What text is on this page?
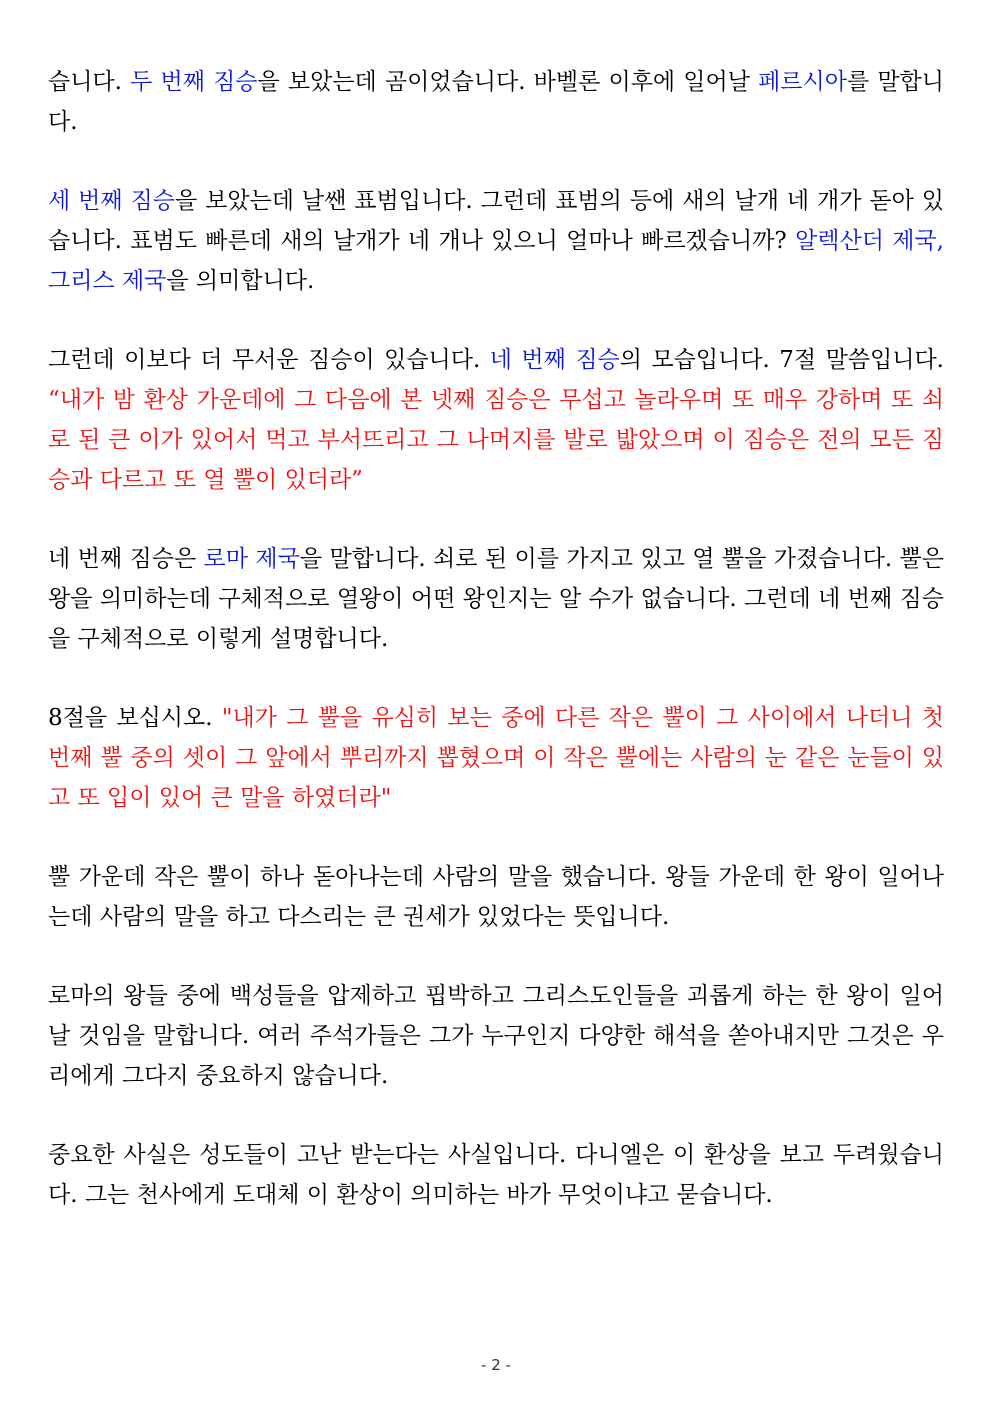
습니다. 두 번째 짐승을 보았는데 곰이었습니다. 바벨론 이후에 일어날 페르시아를 말합니다.

세 번째 짐승을 보았는데 날쌘 표범입니다. 그런데 표범의 등에 새의 날개 네 개가 돋아 있습니다. 표범도 빠른데 새의 날개가 네 개나 있으니 얼마나 빠르겠습니까? 알렉산더 제국, 그리스 제국을 의미합니다.

그런데 이보다 더 무서운 짐승이 있습니다. 네 번째 짐승의 모습입니다. 7절 말씀입니다. “내가 밤 환상 가운데에 그 다음에 본 넷째 짐승은 무섭고 놀라우며 또 매우 강하며 또 쇠로 된 큰 이가 있어서 먹고 부서뜨리고 그 나머지를 발로 밟았으며 이 짐승은 전의 모든 짐승과 다르고 또 열 뿔이 있더라”

네 번째 짐승은 로마 제국을 말합니다. 쇠로 된 이를 가지고 있고 열 뿔을 가졌습니다. 뿔은 왕을 의미하는데 구체적으로 열왕이 어떤 왕인지는 알 수가 없습니다. 그런데 네 번째 짐승을 구체적으로 이렇게 설명합니다.

8절을 보십시오. "내가 그 뿔을 유심히 보는 중에 다른 작은 뿔이 그 사이에서 나더니 첫 번째 뿔 중의 셋이 그 앞에서 뿌리까지 뽑혔으며 이 작은 뿔에는 사람의 눈 같은 눈들이 있고 또 입이 있어 큰 말을 하였더라"

뿔 가운데 작은 뿔이 하나 돋아나는데 사람의 말을 했습니다. 왕들 가운데 한 왕이 일어나는데 사람의 말을 하고 다스리는 큰 권세가 있었다는 뜻입니다.

로마의 왕들 중에 백성들을 압제하고 핍박하고 그리스도인들을 괴롭게 하는 한 왕이 일어날 것임을 말합니다. 여러 주석가들은 그가 누구인지 다양한 해석을 쏟아내지만 그것은 우리에게 그다지 중요하지 않습니다.

중요한 사실은 성도들이 고난 받는다는 사실입니다. 다니엘은 이 환상을 보고 두려웠습니다. 그는 천사에게 도대체 이 환상이 의미하는 바가 무엇이냐고 묻습니다.

- 2 -
